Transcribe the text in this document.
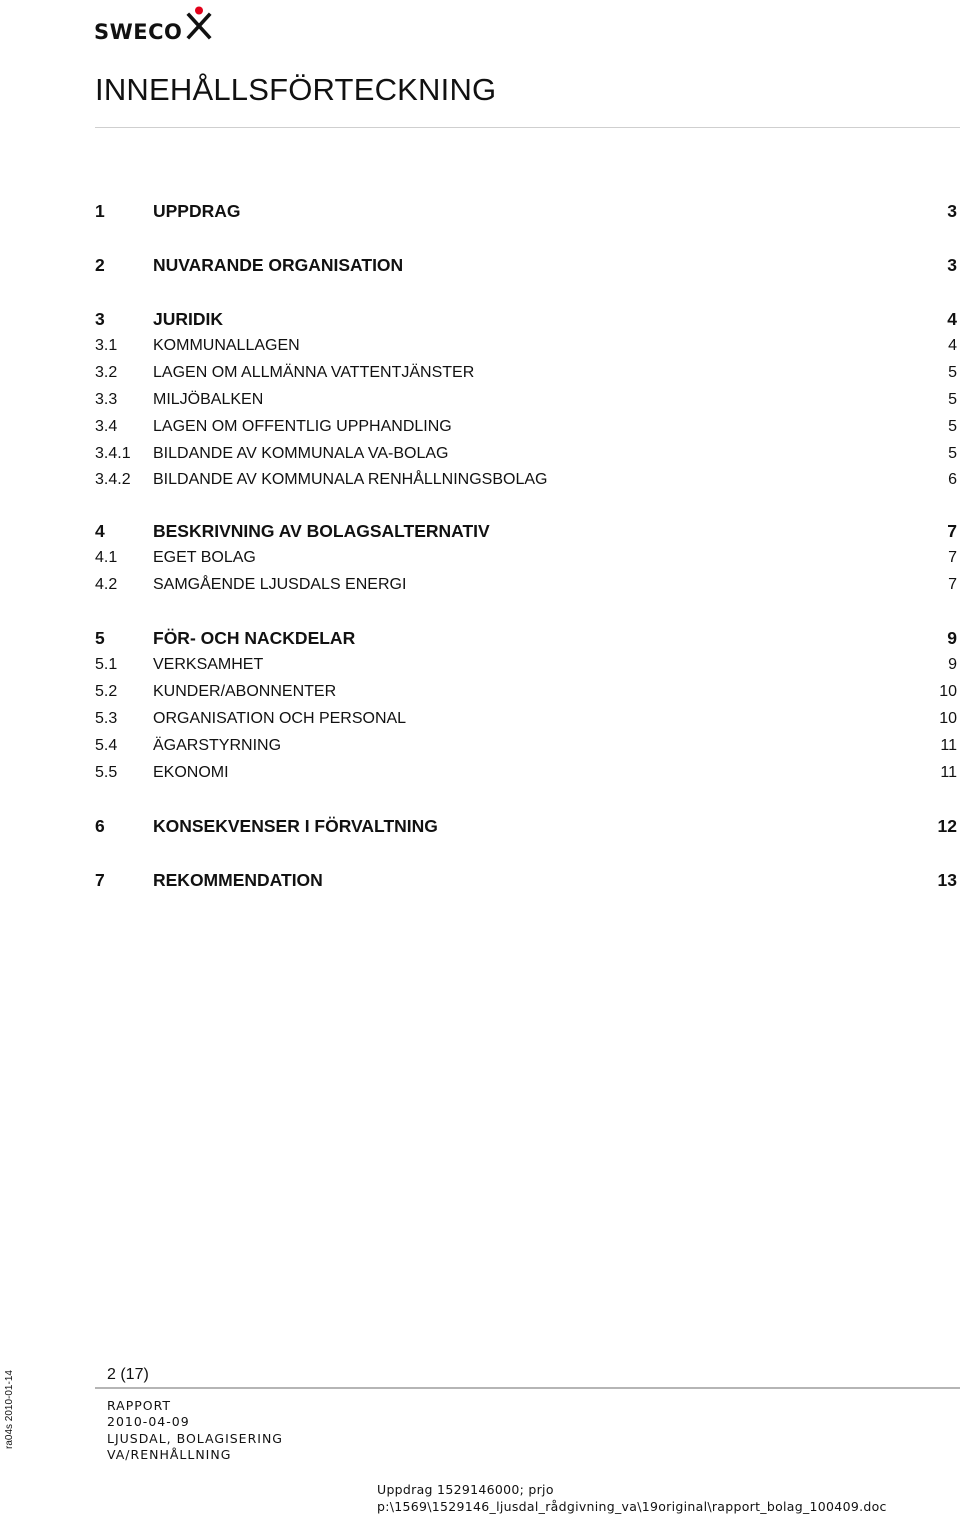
SWECO
INNEHÅLLSFÖRTECKNING
1	UPPDRAG	3
2	NUVARANDE ORGANISATION	3
3	JURIDIK	4
3.1 KOMMUNALLAGEN	4
3.2 LAGEN OM ALLMÄNNA VATTENTJÄNSTER	5
3.3 MILJÖBALKEN	5
3.4 LAGEN OM OFFENTLIG UPPHANDLING	5
3.4.1 BILDANDE AV KOMMUNALA VA-BOLAG	5
3.4.2 BILDANDE AV KOMMUNALA RENHÅLLNINGSBOLAG	6
4	BESKRIVNING AV BOLAGSALTERNATIV	7
4.1 EGET BOLAG	7
4.2 SAMGÅENDE LJUSDALS ENERGI	7
5	FÖR- OCH NACKDELAR	9
5.1 VERKSAMHET	9
5.2 KUNDER/ABONNENTER	10
5.3 ORGANISATION OCH PERSONAL	10
5.4 ÄGARSTYRNING	11
5.5 EKONOMI	11
6	KONSEKVENSER I FÖRVALTNING	12
7	REKOMMENDATION	13
2 (17)
RAPPORT
2010-04-09
LJUSDAL, BOLAGISERING
VA/RENHÅLLNING
Uppdrag 1529146000; prjo
p:\1569\1529146_ljusdal_rådgivning_va\19original\rapport_bolag_100409.doc
ra04s 2010-01-14
